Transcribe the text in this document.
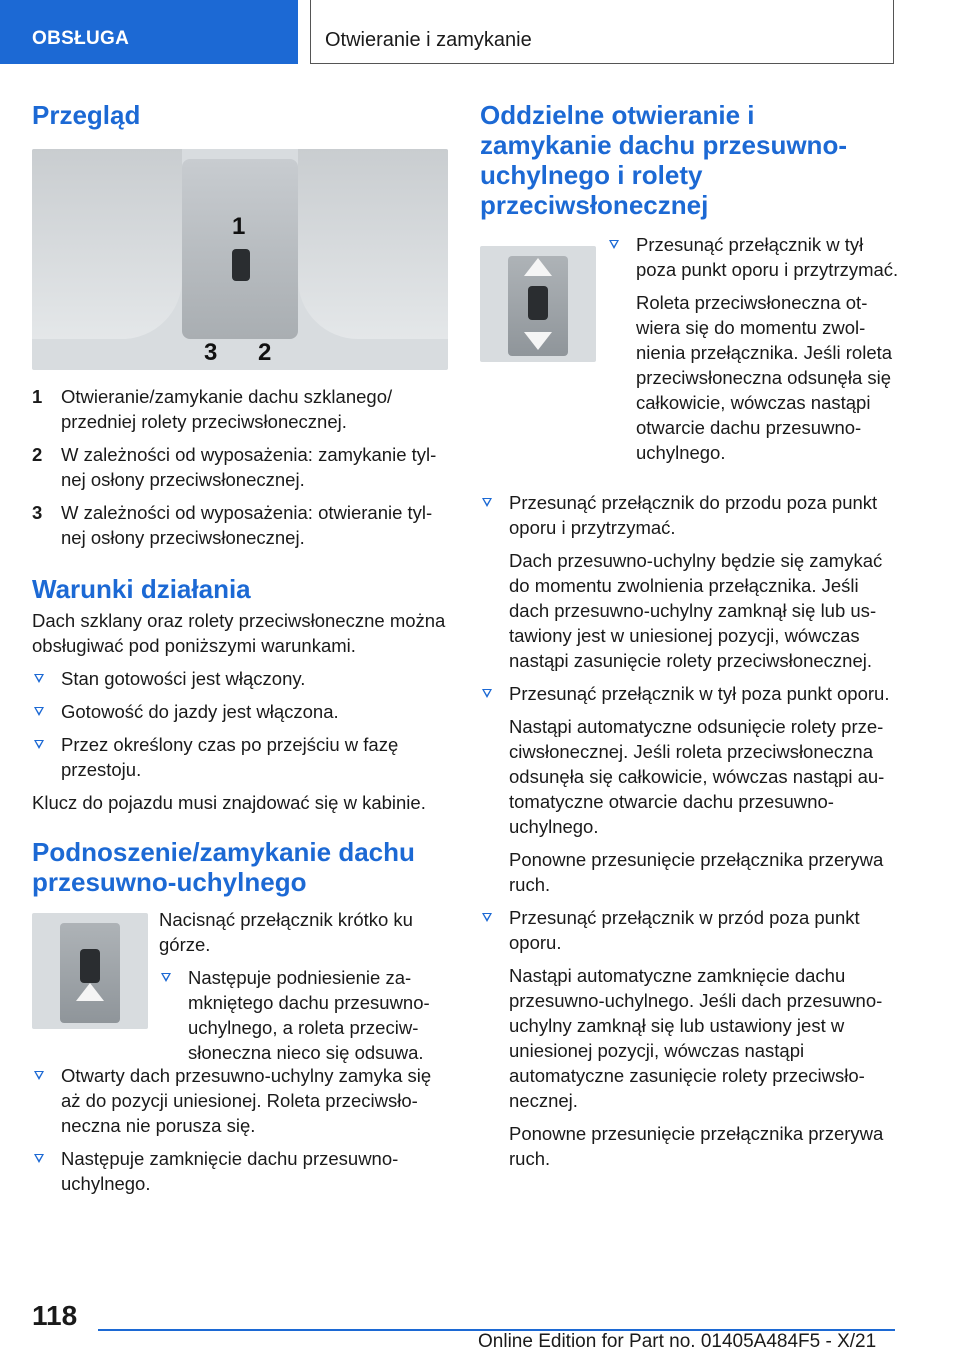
OBSŁUGA	Otwieranie i zamykanie
Przegląd
1
3 2
1 Otwieranie/zamykanie dachu szklanego/ przedniej rolety przeciwsłonecznej.
2 W zależności od wyposażenia: zamykanie tylnej osłony przeciwsłonecznej.
3 W zależności od wyposażenia: otwieranie tylnej osłony przeciwsłonecznej.
Warunki działania

Dach szklany oraz rolety przeciwsłoneczne można obsługiwać pod poniższymi warunkami.

Stan gotowości jest włączony.
Gotowość do jazdy jest włączona.
Przez określony czas po przejściu w fazę przestoju.

Klucz do pojazdu musi znajdować się w kabinie.

Podnoszenie/zamykanie dachu przesuwno-uchylnego

Nacisnąć przełącznik krótko ku górze.

Następuje podniesienie zamkniętego dachu przesuwno-uchylnego, a roleta przeciwsłoneczna nieco się odsuwa.
Otwarty dach przesuwno-uchylny zamyka się aż do pozycji uniesionej. Roleta przeciwsłoneczna nie porusza się.
Następuje zamknięcie dachu przesuwno-uchylnego.
Oddzielne otwieranie i zamykanie dachu przesuwno-uchylnego i rolety przeciwsłonecznej
Przesunąć przełącznik w tył poza punkt oporu i przytrzymać.

Roleta przeciwsłoneczna otwiera się do momentu zwolnienia przełącznika. Jeśli roleta przeciwsłoneczna odsunęła się całkowicie, wówczas nastąpi otwarcie dachu przesuwno-uchylnego.

Przesunąć przełącznik do przodu poza punkt oporu i przytrzymać.

Dach przesuwno-uchylny będzie się zamykać do momentu zwolnienia przełącznika. Jeśli dach przesuwno-uchylny zamknął się lub ustawiony jest w uniesionej pozycji, wówczas nastąpi zasunięcie rolety przeciwsłonecznej.

Przesunąć przełącznik w tył poza punkt oporu.

Nastąpi automatyczne odsunięcie rolety przeciwsłonecznej. Jeśli roleta przeciwsłoneczna odsunęła się całkowicie, wówczas nastąpi automatyczne otwarcie dachu przesuwno-uchylnego.

Ponowne przesunięcie przełącznika przerywa ruch.

Przesunąć przełącznik w przód poza punkt oporu.

Nastąpi automatyczne zamknięcie dachu przesuwno-uchylnego. Jeśli dach przesuwno-uchylny zamknął się lub ustawiony jest w uniesionej pozycji, wówczas nastąpi automatyczne zasunięcie rolety przeciwsłonecznej.

Ponowne przesunięcie przełącznika przerywa ruch.

118
Online Edition for Part no. 01405A484F5 - X/21
